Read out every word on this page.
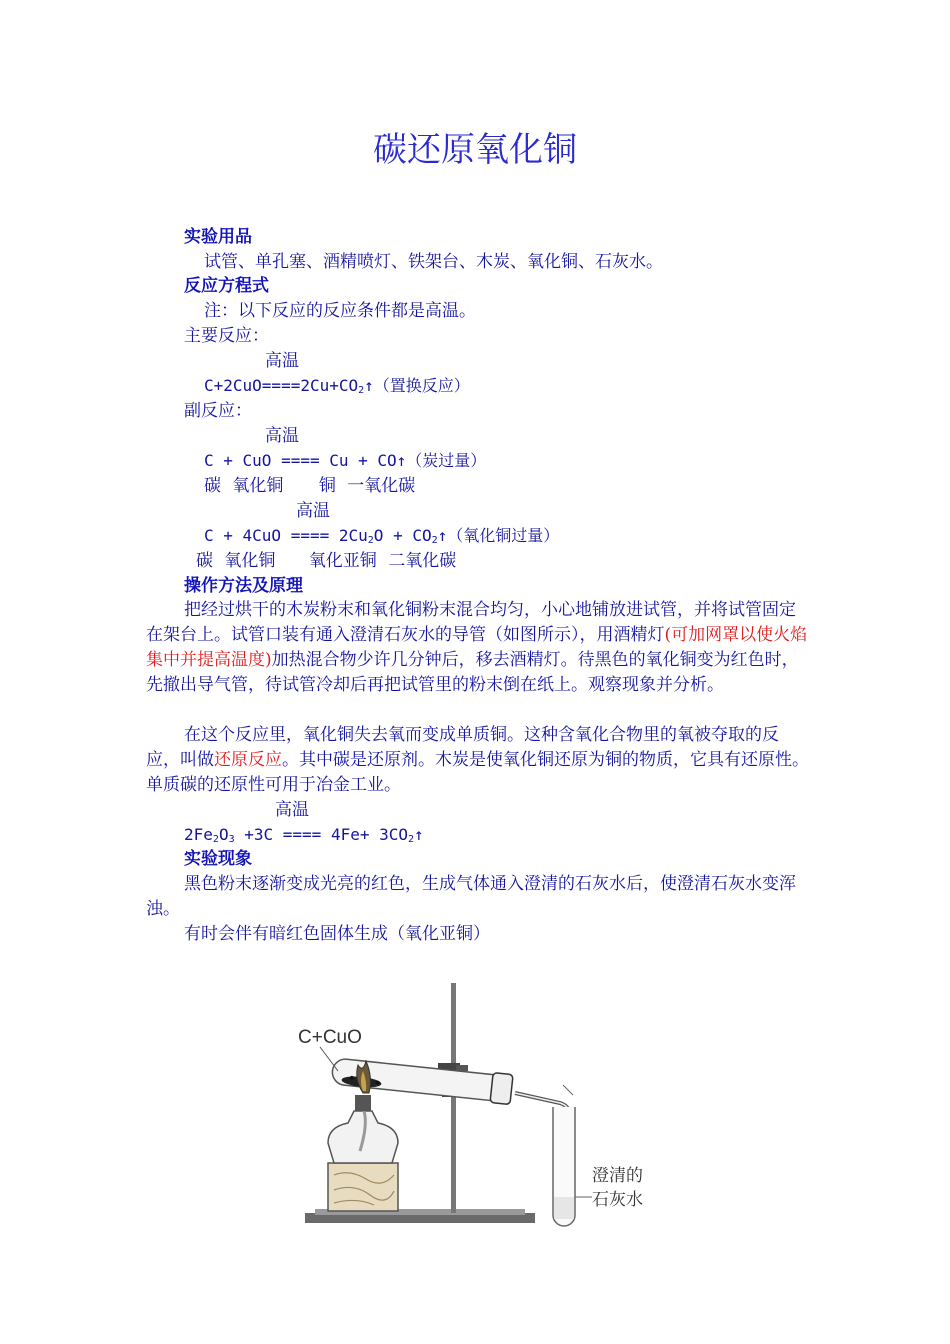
碳还原氧化铜
实验用品
试管、单孔塞、酒精喷灯、铁架台、木炭、氧化铜、石灰水。
反应方程式
注：以下反应的反应条件都是高温。
主要反应：
高温
$C+2CuO====2Cu+CO_2↑$（置换反应）
副反应：
高温
C + CuO ==== Cu + CO↑（炭过量）
碳 氧化铜 铜 一氧化碳
高温
C + 4CuO ==== $2Cu_2O$ + $CO_2↑$（氧化铜过量）
碳 氧化铜 氧化亚铜 二氧化碳
操作方法及原理
把经过烘干的木炭粉末和氧化铜粉末混合均匀，小心地铺放进试管，并将试管固定在架台上。试管口装有通入澄清石灰水的导管（如图所示），用酒精灯(可加网罩以使火焰集中并提高温度)加热混合物少许几分钟后，移去酒精灯。待黑色的氧化铜变为红色时，先撤出导气管，待试管冷却后再把试管里的粉末倒在纸上。观察现象并分析。
在这个反应里，氧化铜失去氧而变成单质铜。这种含氧化合物里的氧被夺取的反应，叫做还原反应。其中碳是还原剂。木炭是使氧化铜还原为铜的物质，它具有还原性。单质碳的还原性可用于冶金工业。
高温
$2Fe_2O_3 +3C$ ==== $4Fe+ 3CO_2↑$
实验现象
黑色粉末逐渐变成光亮的红色，生成气体通入澄清的石灰水后，使澄清石灰水变浑浊。
有时会伴有暗红色固体生成（氧化亚铜）
C+CuO
澄清的
石灰水
